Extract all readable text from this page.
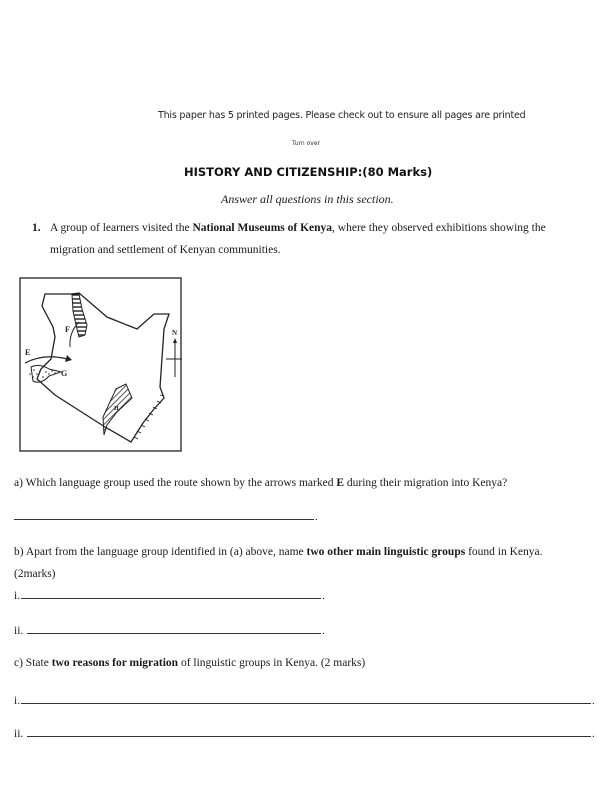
This paper has 5 printed pages. Please check out to ensure all pages are printed
Turn over
HISTORY AND CITIZENSHIP:(80 Marks)
Answer all questions in this section.
1. A group of learners visited the National Museums of Kenya, where they observed exhibitions showing the
migration and settlement of Kenyan communities.
F
E
G
H
N
a) Which language group used the route shown by the arrows marked E during their migration into Kenya?
.
b) Apart from the language group identified in (a) above, name two other main linguistic groups found in Kenya.
(2marks)
i.	.
ii.	.
c) State two reasons for migration of linguistic groups in Kenya. (2 marks)
i.	.
ii.	.
